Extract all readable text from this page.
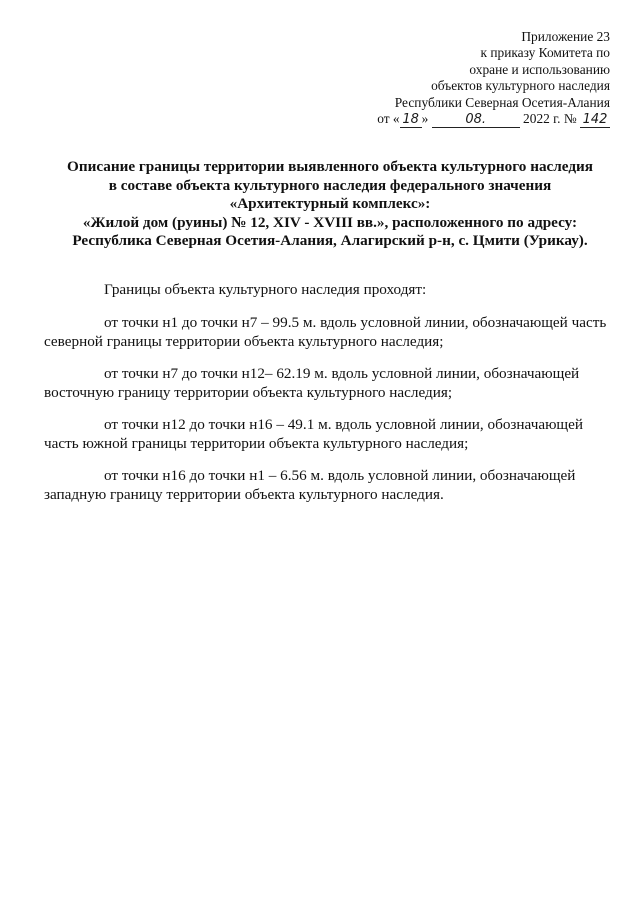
Приложение 23
к приказу Комитета по
охране и использованию
объектов культурного наследия
Республики Северная Осетия-Алания
от « 18 »	08.	2022 г. № 142
Описание границы территории выявленного объекта культурного наследия
в составе объекта культурного наследия федерального значения
«Архитектурный комплекс»:
«Жилой дом (руины) № 12, XIV - XVIII вв.», расположенного по адресу:
Республика Северная Осетия-Алания, Алагирский р-н, с. Цмити (Урикау).

Границы объекта культурного наследия проходят:

от точки н1 до точки н7 – 99.5 м. вдоль условной линии, обозначающей часть
северной границы территории объекта культурного наследия;
от точки н7 до точки н12– 62.19 м. вдоль условной линии, обозначающей
восточную границу территории объекта культурного наследия;
от точки н12 до точки н16 – 49.1 м. вдоль условной линии, обозначающей
часть южной границы территории объекта культурного наследия;
от точки н16 до точки н1 – 6.56 м. вдоль условной линии, обозначающей
западную границу территории объекта культурного наследия.
